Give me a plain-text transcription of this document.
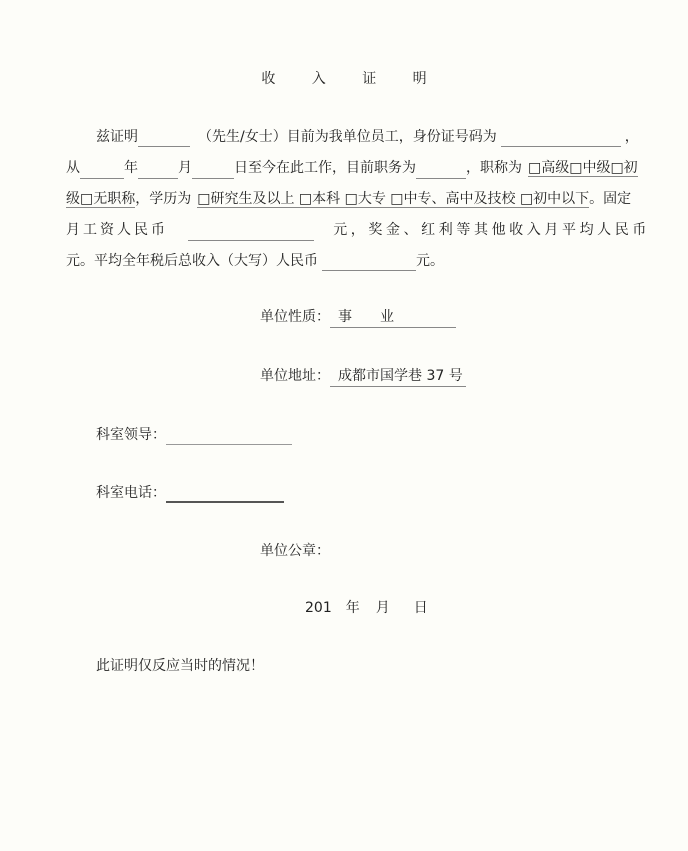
收 入 证 明
兹证明	（先生/女士）目前为我单位员工，身份证号码为	，
从	年	月	日至今在此工作，目前职务为	，职称为 □高级□中级□初
级□无职称，学历为 □研究生及以上 □本科 □大专 □中专、高中及技校 □初中以下。固定
月工资人民币	元，奖金、红利等其他收入月平均人民币
元。平均全年税后总收入（大写）人民币	元。
单位性质： 事　　业
单位地址： 成都市国学巷 37 号
科室领导：
科室电话：
单位公章：
201 年 月 日
此证明仅反应当时的情况！
